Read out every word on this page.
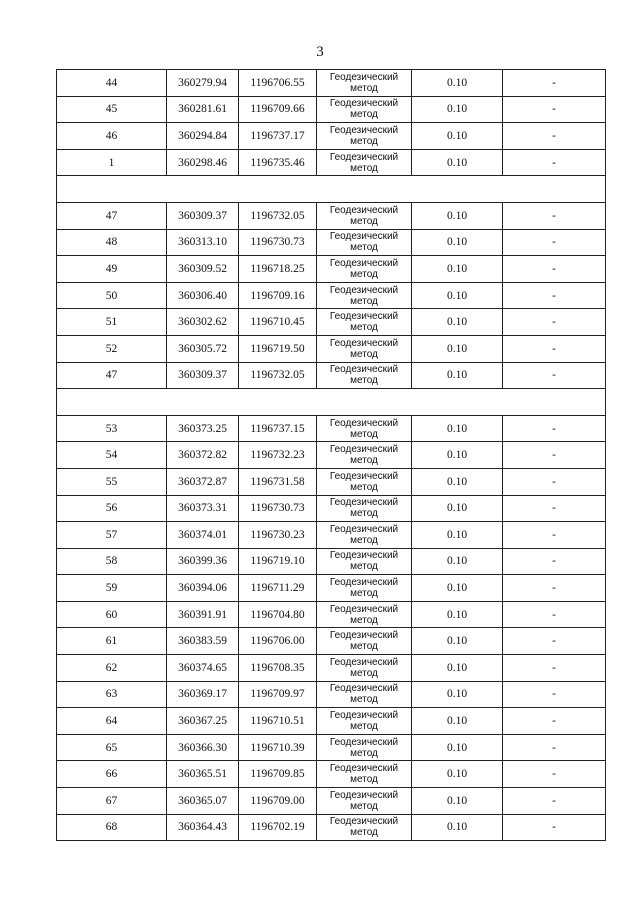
3
44	360279.94	1196706.55	Геодезический метод	0.10	-
45	360281.61	1196709.66	Геодезический метод	0.10	-
46	360294.84	1196737.17	Геодезический метод	0.10	-
1	360298.46	1196735.46	Геодезический метод	0.10	-

47	360309.37	1196732.05	Геодезический метод	0.10	-
48	360313.10	1196730.73	Геодезический метод	0.10	-
49	360309.52	1196718.25	Геодезический метод	0.10	-
50	360306.40	1196709.16	Геодезический метод	0.10	-
51	360302.62	1196710.45	Геодезический метод	0.10	-
52	360305.72	1196719.50	Геодезический метод	0.10	-
47	360309.37	1196732.05	Геодезический метод	0.10	-

53	360373.25	1196737.15	Геодезический метод	0.10	-
54	360372.82	1196732.23	Геодезический метод	0.10	-
55	360372.87	1196731.58	Геодезический метод	0.10	-
56	360373.31	1196730.73	Геодезический метод	0.10	-
57	360374.01	1196730.23	Геодезический метод	0.10	-
58	360399.36	1196719.10	Геодезический метод	0.10	-
59	360394.06	1196711.29	Геодезический метод	0.10	-
60	360391.91	1196704.80	Геодезический метод	0.10	-
61	360383.59	1196706.00	Геодезический метод	0.10	-
62	360374.65	1196708.35	Геодезический метод	0.10	-
63	360369.17	1196709.97	Геодезический метод	0.10	-
64	360367.25	1196710.51	Геодезический метод	0.10	-
65	360366.30	1196710.39	Геодезический метод	0.10	-
66	360365.51	1196709.85	Геодезический метод	0.10	-
67	360365.07	1196709.00	Геодезический метод	0.10	-
68	360364.43	1196702.19	Геодезический метод	0.10	-
